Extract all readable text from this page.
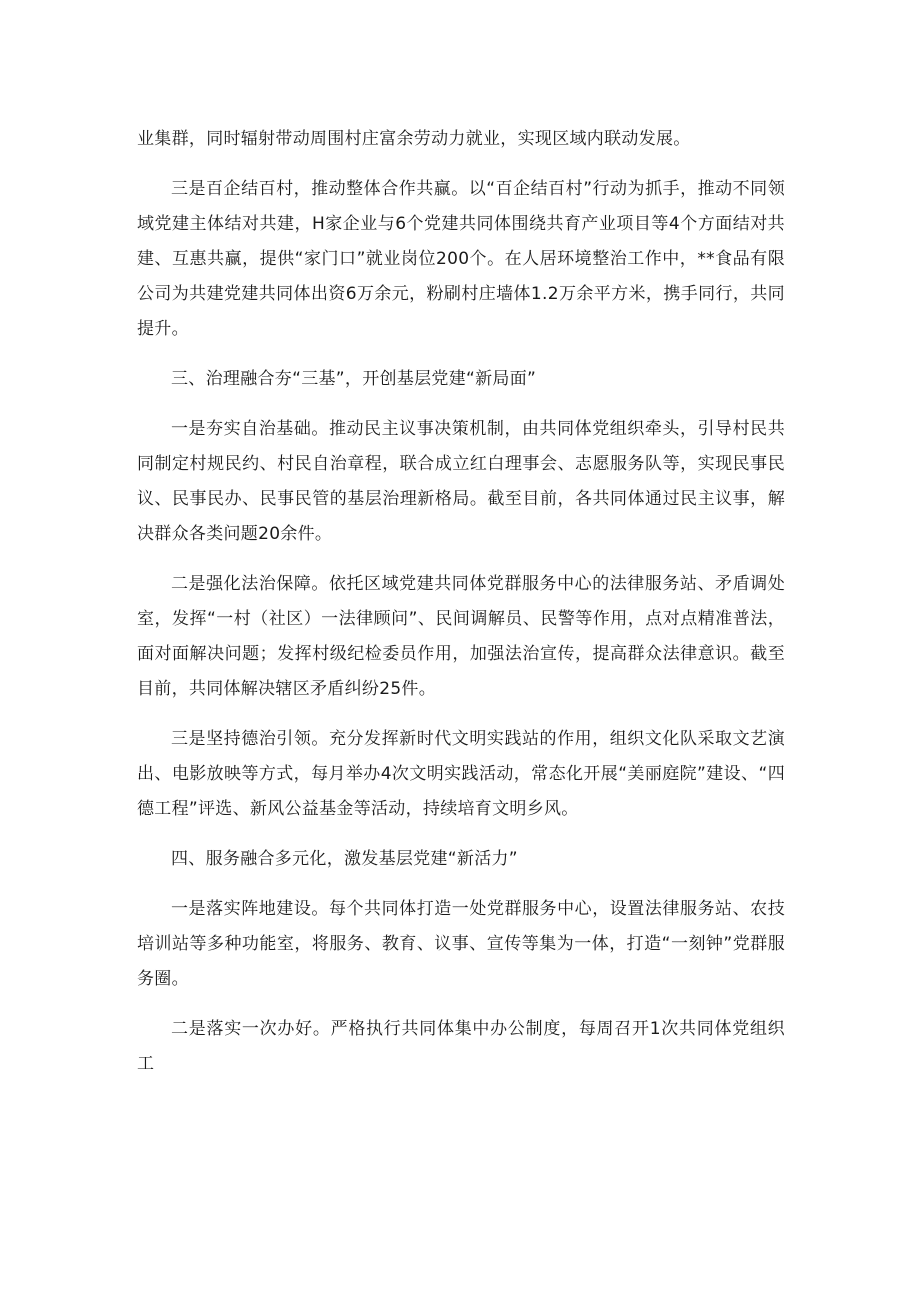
业集群，同时辐射带动周围村庄富余劳动力就业，实现区域内联动发展。

三是百企结百村，推动整体合作共赢。以“百企结百村”行动为抓手，推动不同领域党建主体结对共建，H家企业与6个党建共同体围绕共育产业项目等4个方面结对共建、互惠共赢，提供“家门口”就业岗位200个。在人居环境整治工作中，**食品有限公司为共建党建共同体出资6万余元，粉刷村庄墙体1.2万余平方米，携手同行，共同提升。

三、治理融合夯“三基”，开创基层党建“新局面”

一是夯实自治基础。推动民主议事决策机制，由共同体党组织牵头，引导村民共同制定村规民约、村民自治章程，联合成立红白理事会、志愿服务队等，实现民事民议、民事民办、民事民管的基层治理新格局。截至目前，各共同体通过民主议事，解决群众各类问题20余件。

二是强化法治保障。依托区域党建共同体党群服务中心的法律服务站、矛盾调处室，发挥“一村（社区）一法律顾问”、民间调解员、民警等作用，点对点精准普法，面对面解决问题；发挥村级纪检委员作用，加强法治宣传，提高群众法律意识。截至目前，共同体解决辖区矛盾纠纷25件。

三是坚持德治引领。充分发挥新时代文明实践站的作用，组织文化队采取文艺演出、电影放映等方式，每月举办4次文明实践活动，常态化开展“美丽庭院”建设、“四德工程”评选、新风公益基金等活动，持续培育文明乡风。

四、服务融合多元化，激发基层党建“新活力”

一是落实阵地建设。每个共同体打造一处党群服务中心，设置法律服务站、农技培训站等多种功能室，将服务、教育、议事、宣传等集为一体，打造“一刻钟”党群服务圈。

二是落实一次办好。严格执行共同体集中办公制度，每周召开1次共同体党组织工
